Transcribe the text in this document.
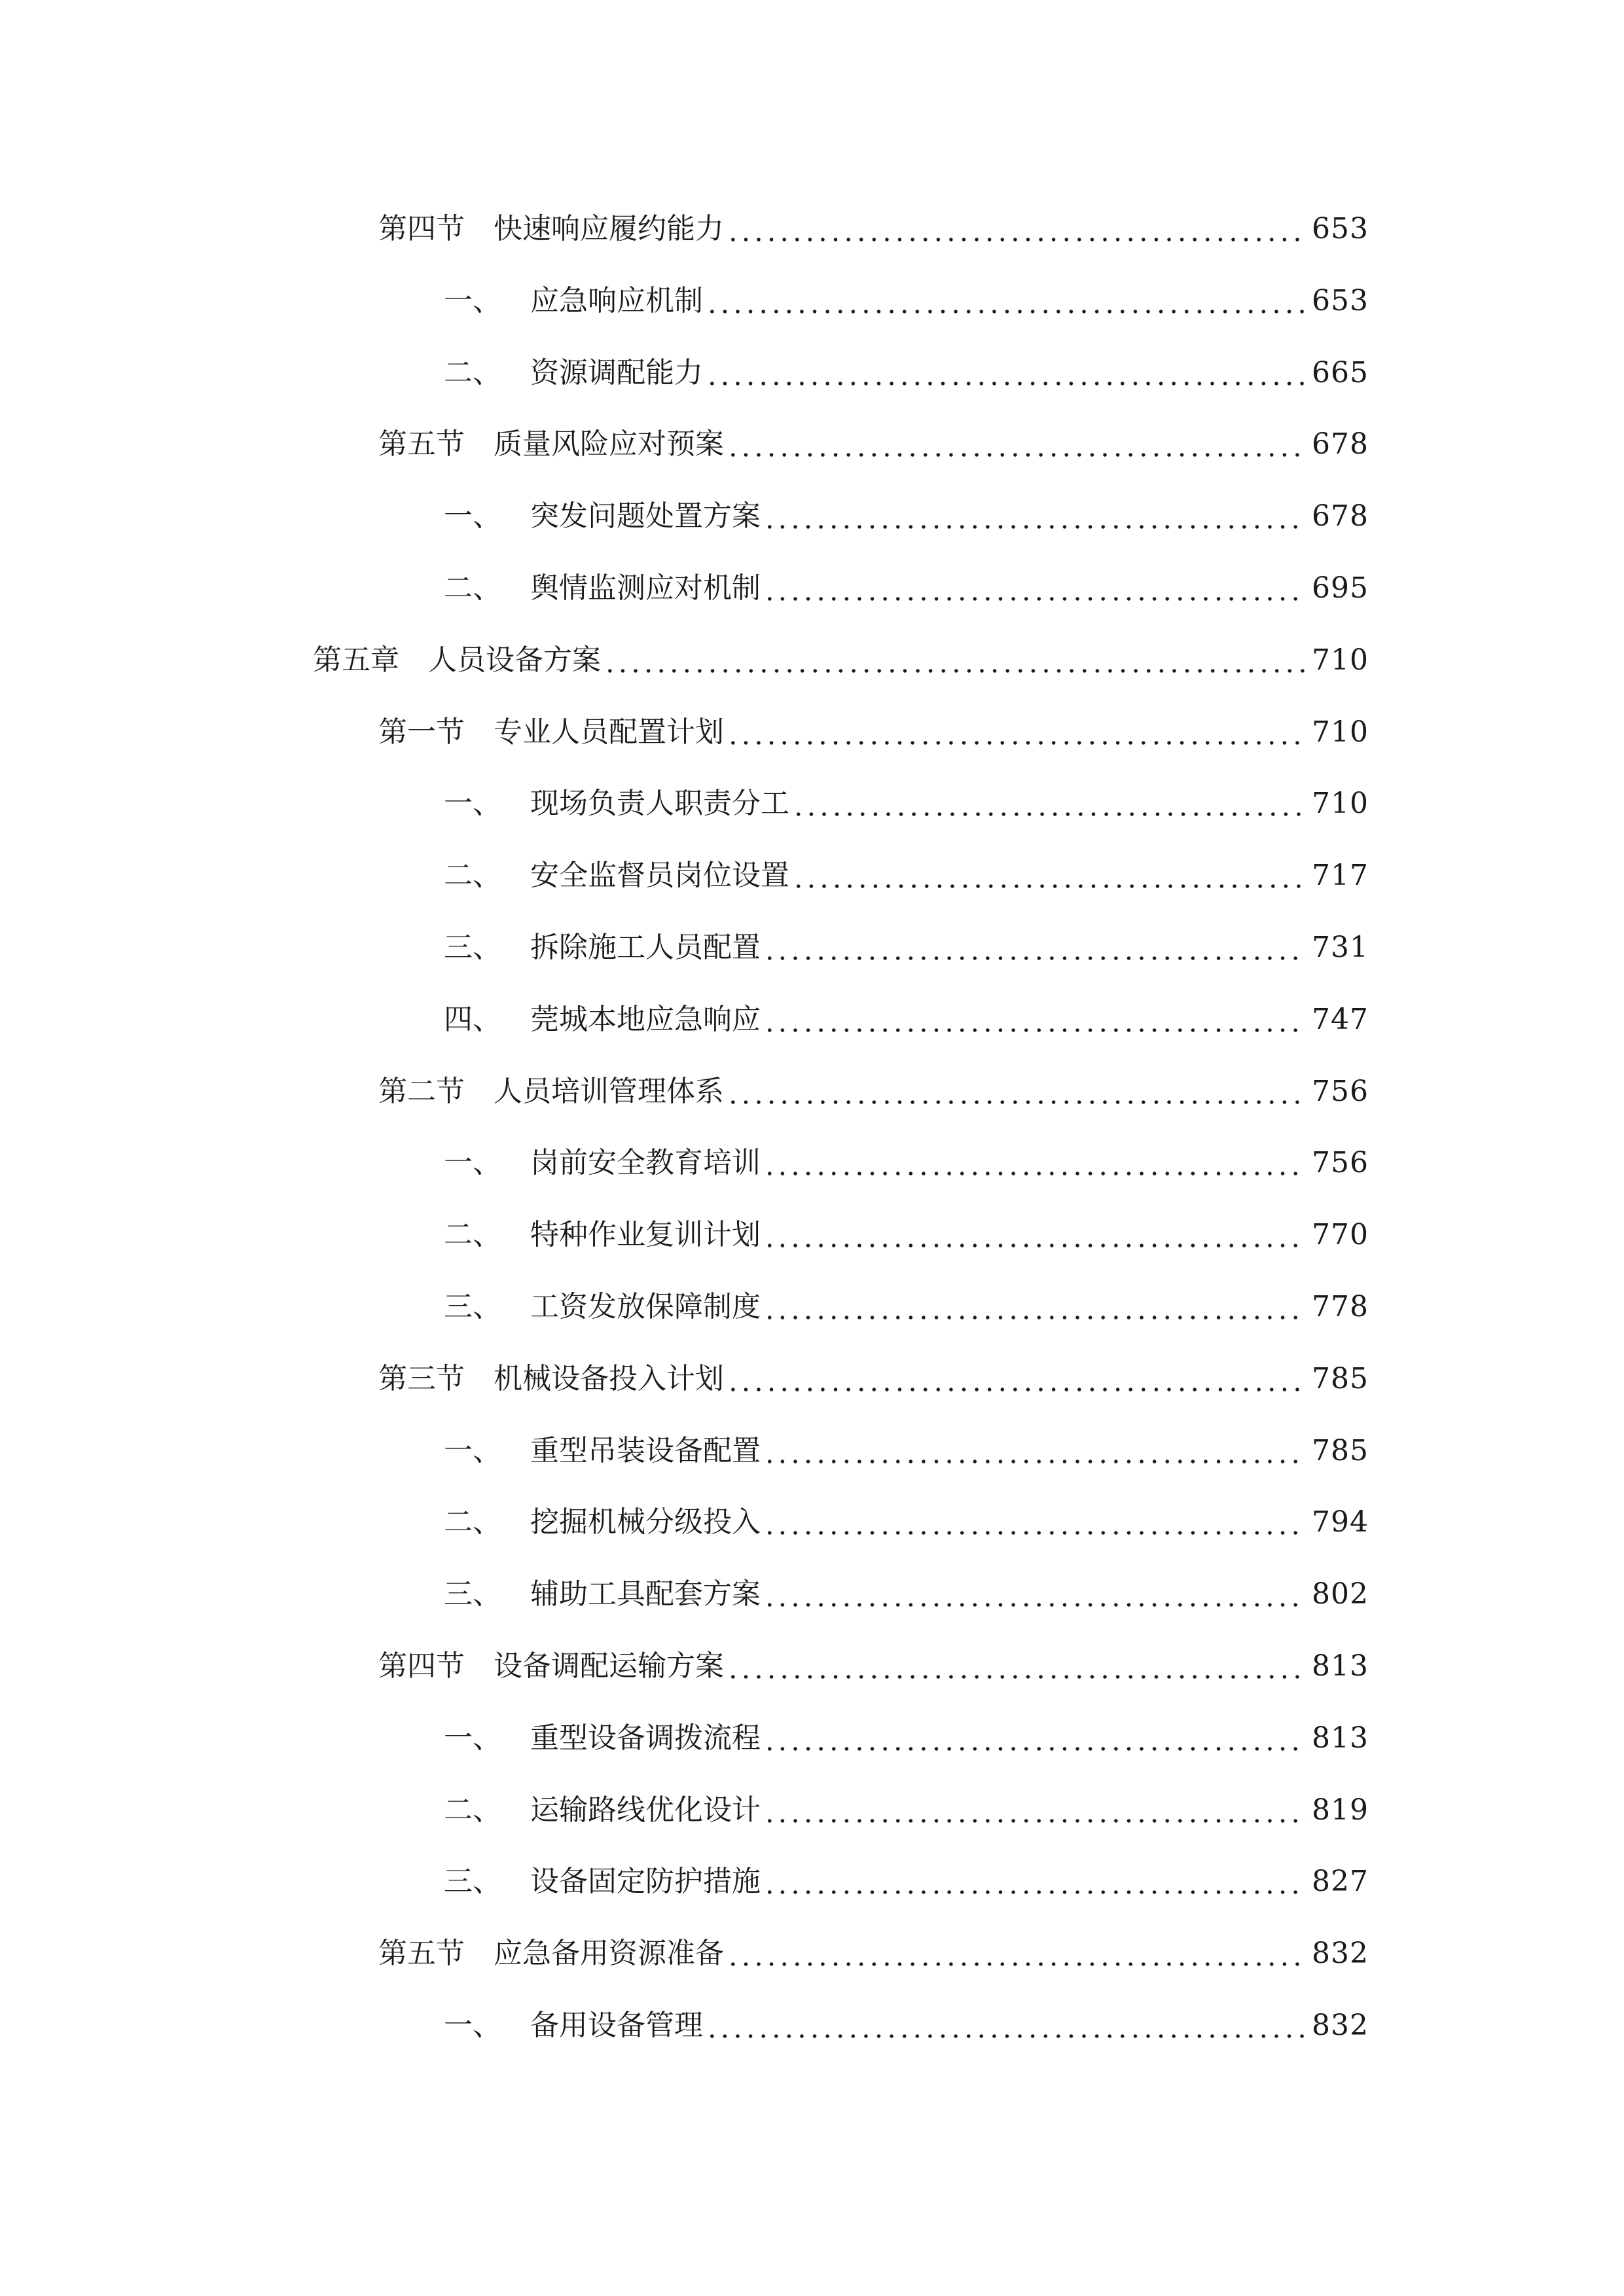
第四节 快速响应履约能力	653
一、 应急响应机制	653
二、 资源调配能力	665
第五节 质量风险应对预案	678
一、 突发问题处置方案	678
二、 舆情监测应对机制	695
第五章 人员设备方案	710
第一节 专业人员配置计划	710
一、 现场负责人职责分工	710
二、 安全监督员岗位设置	717
三、 拆除施工人员配置	731
四、 莞城本地应急响应	747
第二节 人员培训管理体系	756
一、 岗前安全教育培训	756
二、 特种作业复训计划	770
三、 工资发放保障制度	778
第三节 机械设备投入计划	785
一、 重型吊装设备配置	785
二、 挖掘机械分级投入	794
三、 辅助工具配套方案	802
第四节 设备调配运输方案	813
一、 重型设备调拨流程	813
二、 运输路线优化设计	819
三、 设备固定防护措施	827
第五节 应急备用资源准备	832
一、 备用设备管理	832
